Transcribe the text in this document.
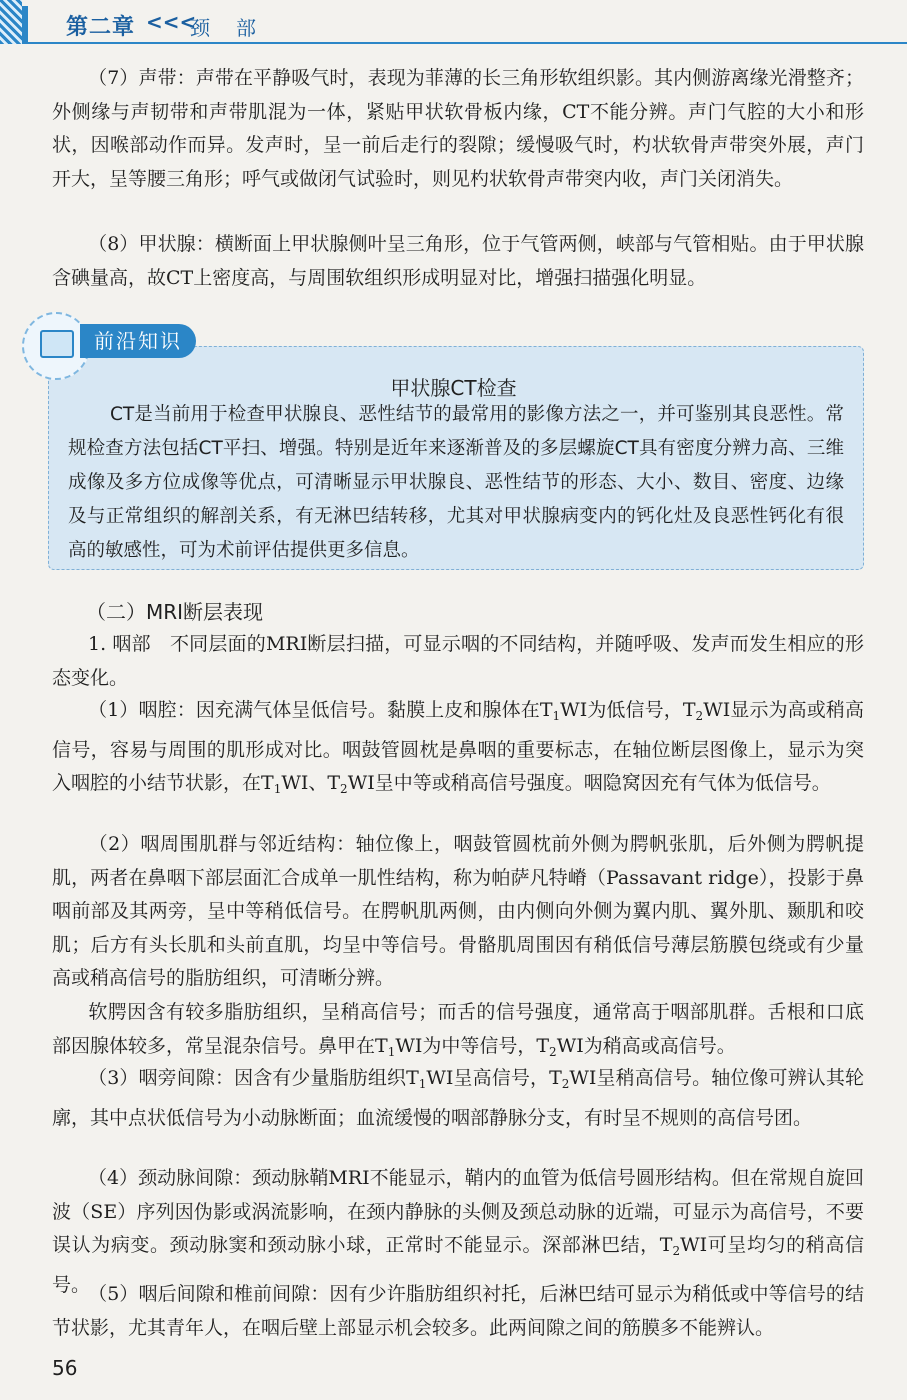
第二章 <<<
颈部

（7）声带：声带在平静吸气时，表现为菲薄的长三角形软组织影。其内侧游离缘光滑整齐；外侧缘与声韧带和声带肌混为一体，紧贴甲状软骨板内缘，CT不能分辨。声门气腔的大小和形状，因喉部动作而异。发声时，呈一前后走行的裂隙；缓慢吸气时，杓状软骨声带突外展，声门开大，呈等腰三角形；呼气或做闭气试验时，则见杓状软骨声带突内收，声门关闭消失。

（8）甲状腺：横断面上甲状腺侧叶呈三角形，位于气管两侧，峡部与气管相贴。由于甲状腺含碘量高，故CT上密度高，与周围软组织形成明显对比，增强扫描强化明显。

前沿知识
甲状腺CT检查

CT是当前用于检查甲状腺良、恶性结节的最常用的影像方法之一，并可鉴别其良恶性。常规检查方法包括CT平扫、增强。特别是近年来逐渐普及的多层螺旋CT具有密度分辨力高、三维成像及多方位成像等优点，可清晰显示甲状腺良、恶性结节的形态、大小、数目、密度、边缘及与正常组织的解剖关系，有无淋巴结转移，尤其对甲状腺病变内的钙化灶及良恶性钙化有很高的敏感性，可为术前评估提供更多信息。

（二）MRI断层表现

1. 咽部　不同层面的MRI断层扫描，可显示咽的不同结构，并随呼吸、发声而发生相应的形态变化。

（1）咽腔：因充满气体呈低信号。黏膜上皮和腺体在$T_1WI$为低信号，$T_2WI$显示为高或稍高信号，容易与周围的肌形成对比。咽鼓管圆枕是鼻咽的重要标志，在轴位断层图像上，显示为突入咽腔的小结节状影，在$T_1WI$、$T_2WI$呈中等或稍高信号强度。咽隐窝因充有气体为低信号。

（2）咽周围肌群与邻近结构：轴位像上，咽鼓管圆枕前外侧为腭帆张肌，后外侧为腭帆提肌，两者在鼻咽下部层面汇合成单一肌性结构，称为帕萨凡特嵴（Passavant ridge），投影于鼻咽前部及其两旁，呈中等稍低信号。在腭帆肌两侧，由内侧向外侧为翼内肌、翼外肌、颞肌和咬肌；后方有头长肌和头前直肌，均呈中等信号。骨骼肌周围因有稍低信号薄层筋膜包绕或有少量高或稍高信号的脂肪组织，可清晰分辨。

软腭因含有较多脂肪组织，呈稍高信号；而舌的信号强度，通常高于咽部肌群。舌根和口底部因腺体较多，常呈混杂信号。鼻甲在$T_1WI$为中等信号，$T_2WI$为稍高或高信号。

（3）咽旁间隙：因含有少量脂肪组织$T_1WI$呈高信号，$T_2WI$呈稍高信号。轴位像可辨认其轮廓，其中点状低信号为小动脉断面；血流缓慢的咽部静脉分支，有时呈不规则的高信号团。

（4）颈动脉间隙：颈动脉鞘MRI不能显示，鞘内的血管为低信号圆形结构。但在常规自旋回波（SE）序列因伪影或涡流影响，在颈内静脉的头侧及颈总动脉的近端，可显示为高信号，不要误认为病变。颈动脉窦和颈动脉小球，正常时不能显示。深部淋巴结，$T_2WI$可呈均匀的稍高信号。

（5）咽后间隙和椎前间隙：因有少许脂肪组织衬托，后淋巴结可显示为稍低或中等信号的结节状影，尤其青年人，在咽后壁上部显示机会较多。此两间隙之间的筋膜多不能辨认。

56
